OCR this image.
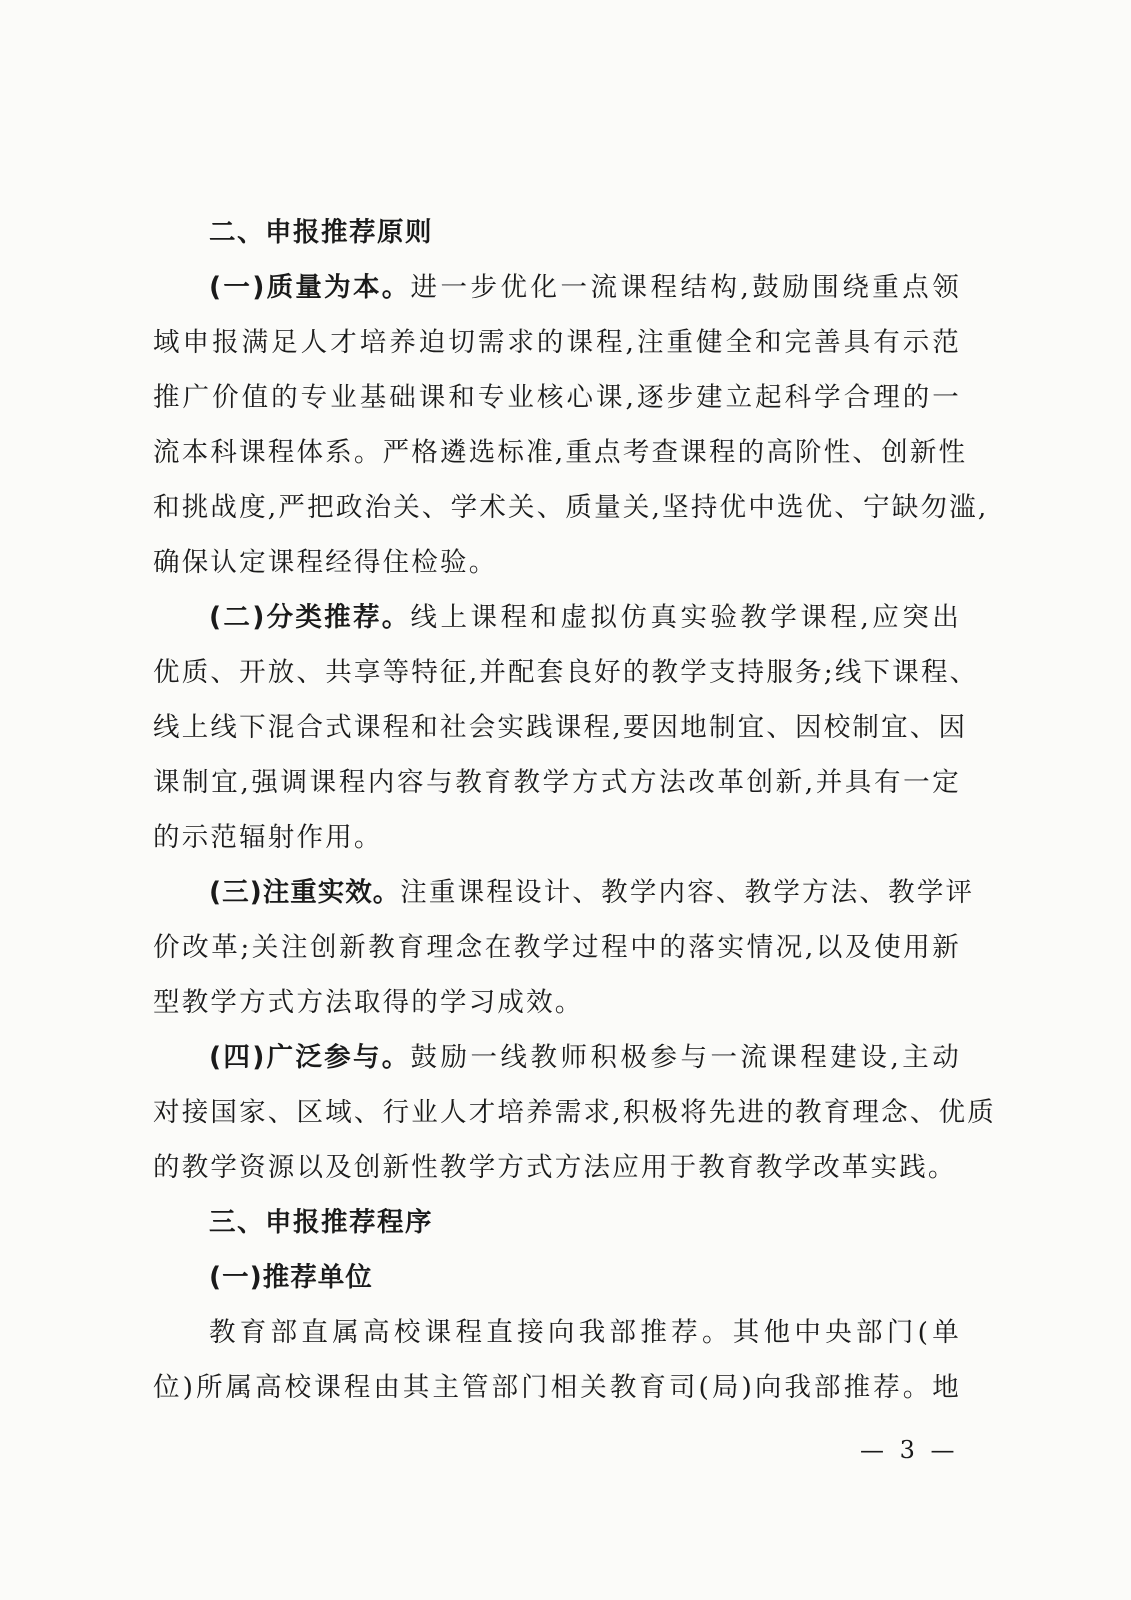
二、申报推荐原则
(一)质量为本。进一步优化一流课程结构,鼓励围绕重点领
域申报满足人才培养迫切需求的课程,注重健全和完善具有示范
推广价值的专业基础课和专业核心课,逐步建立起科学合理的一
流本科课程体系。严格遴选标准,重点考查课程的高阶性、创新性
和挑战度,严把政治关、学术关、质量关,坚持优中选优、宁缺勿滥,
确保认定课程经得住检验。
(二)分类推荐。线上课程和虚拟仿真实验教学课程,应突出
优质、开放、共享等特征,并配套良好的教学支持服务;线下课程、
线上线下混合式课程和社会实践课程,要因地制宜、因校制宜、因
课制宜,强调课程内容与教育教学方式方法改革创新,并具有一定
的示范辐射作用。
(三)注重实效。注重课程设计、教学内容、教学方法、教学评
价改革;关注创新教育理念在教学过程中的落实情况,以及使用新
型教学方式方法取得的学习成效。
(四)广泛参与。鼓励一线教师积极参与一流课程建设,主动
对接国家、区域、行业人才培养需求,积极将先进的教育理念、优质
的教学资源以及创新性教学方式方法应用于教育教学改革实践。
三、申报推荐程序
(一)推荐单位
教育部直属高校课程直接向我部推荐。其他中央部门(单
位)所属高校课程由其主管部门相关教育司(局)向我部推荐。地
— 3 —
